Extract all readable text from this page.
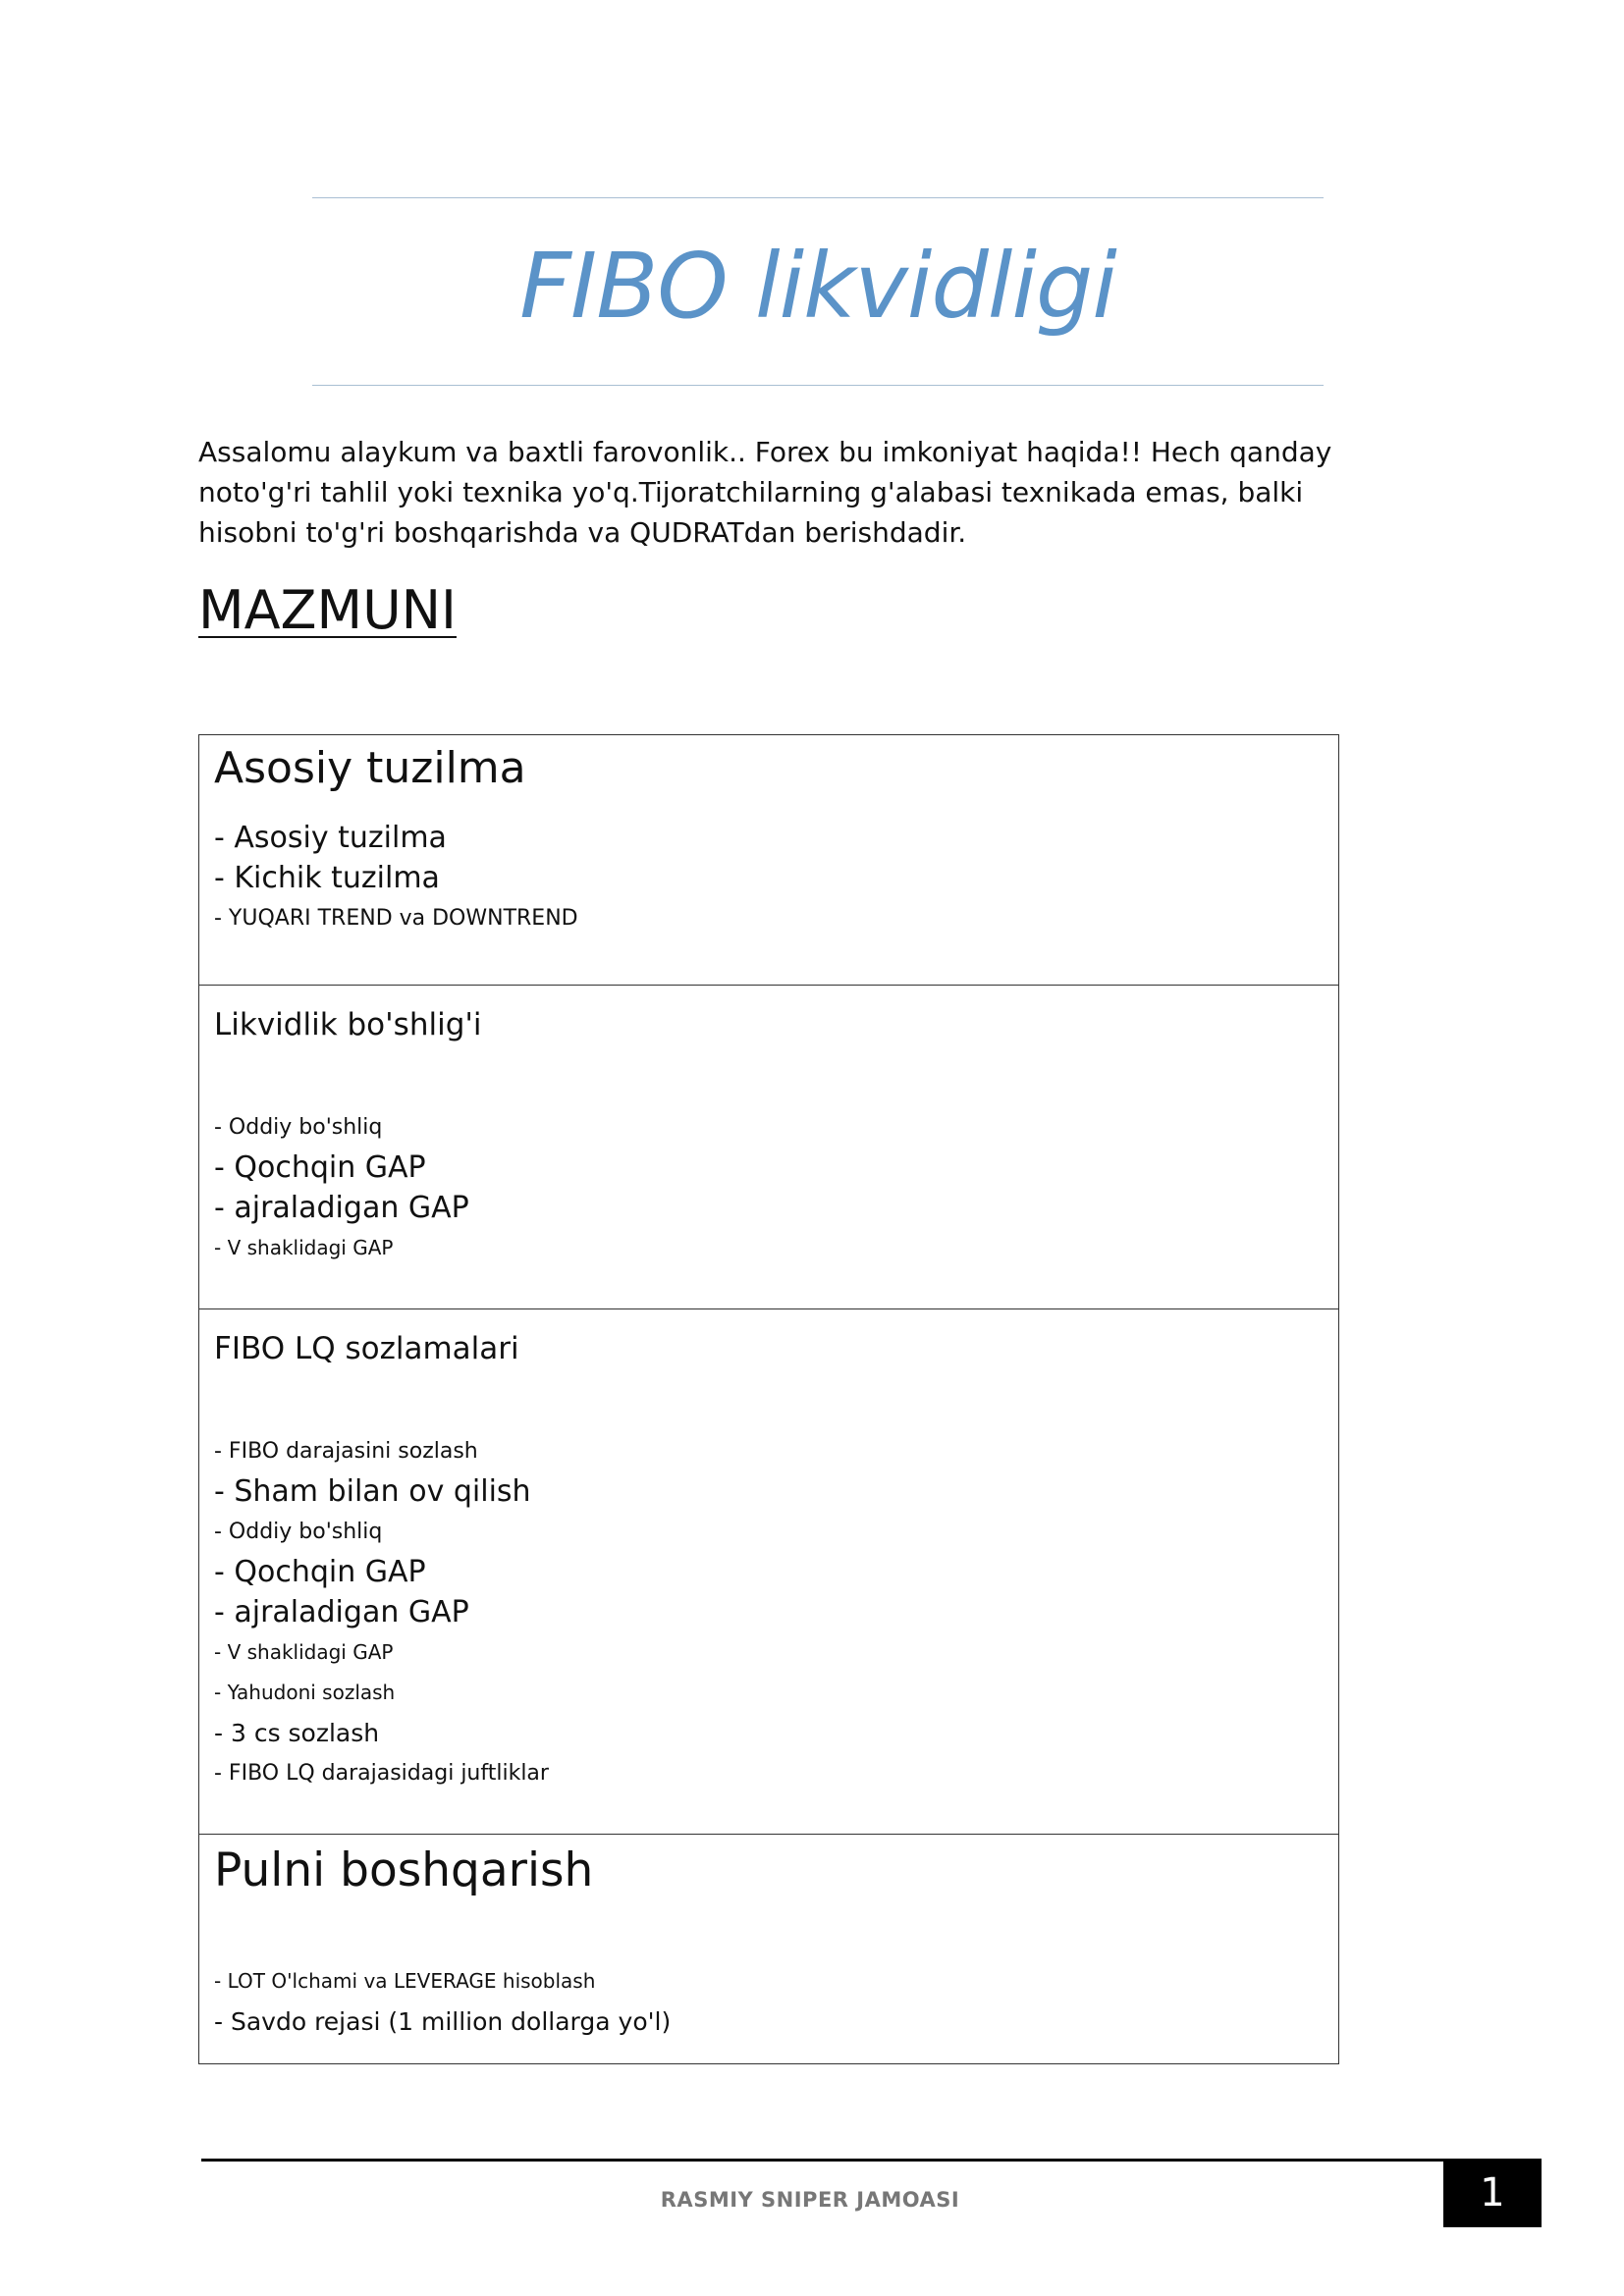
FIBO likvidligi

Assalomu alaykum va baxtli farovonlik.. Forex bu imkoniyat haqida!! Hech qanday noto'g'ri tahlil yoki texnika yo'q.Tijoratchilarning g'alabasi texnikada emas, balki hisobni to'g'ri boshqarishda va QUDRATdan berishdadir.

MAZMUNI
Asosiy tuzilma
- Asosiy tuzilma
- Kichik tuzilma
- YUQARI TREND va DOWNTREND
Likvidlik bo'shlig'i
- Oddiy bo'shliq
- Qochqin GAP
- ajraladigan GAP
- V shaklidagi GAP
FIBO LQ sozlamalari
- FIBO darajasini sozlash
- Sham bilan ov qilish
- Oddiy bo'shliq
- Qochqin GAP
- ajraladigan GAP
- V shaklidagi GAP
- Yahudoni sozlash
- 3 cs sozlash
- FIBO LQ darajasidagi juftliklar
Pulni boshqarish
- LOT O'lchami va LEVERAGE hisoblash
- Savdo rejasi (1 million dollarga yo'l)
RASMIY SNIPER JAMOASI	1
